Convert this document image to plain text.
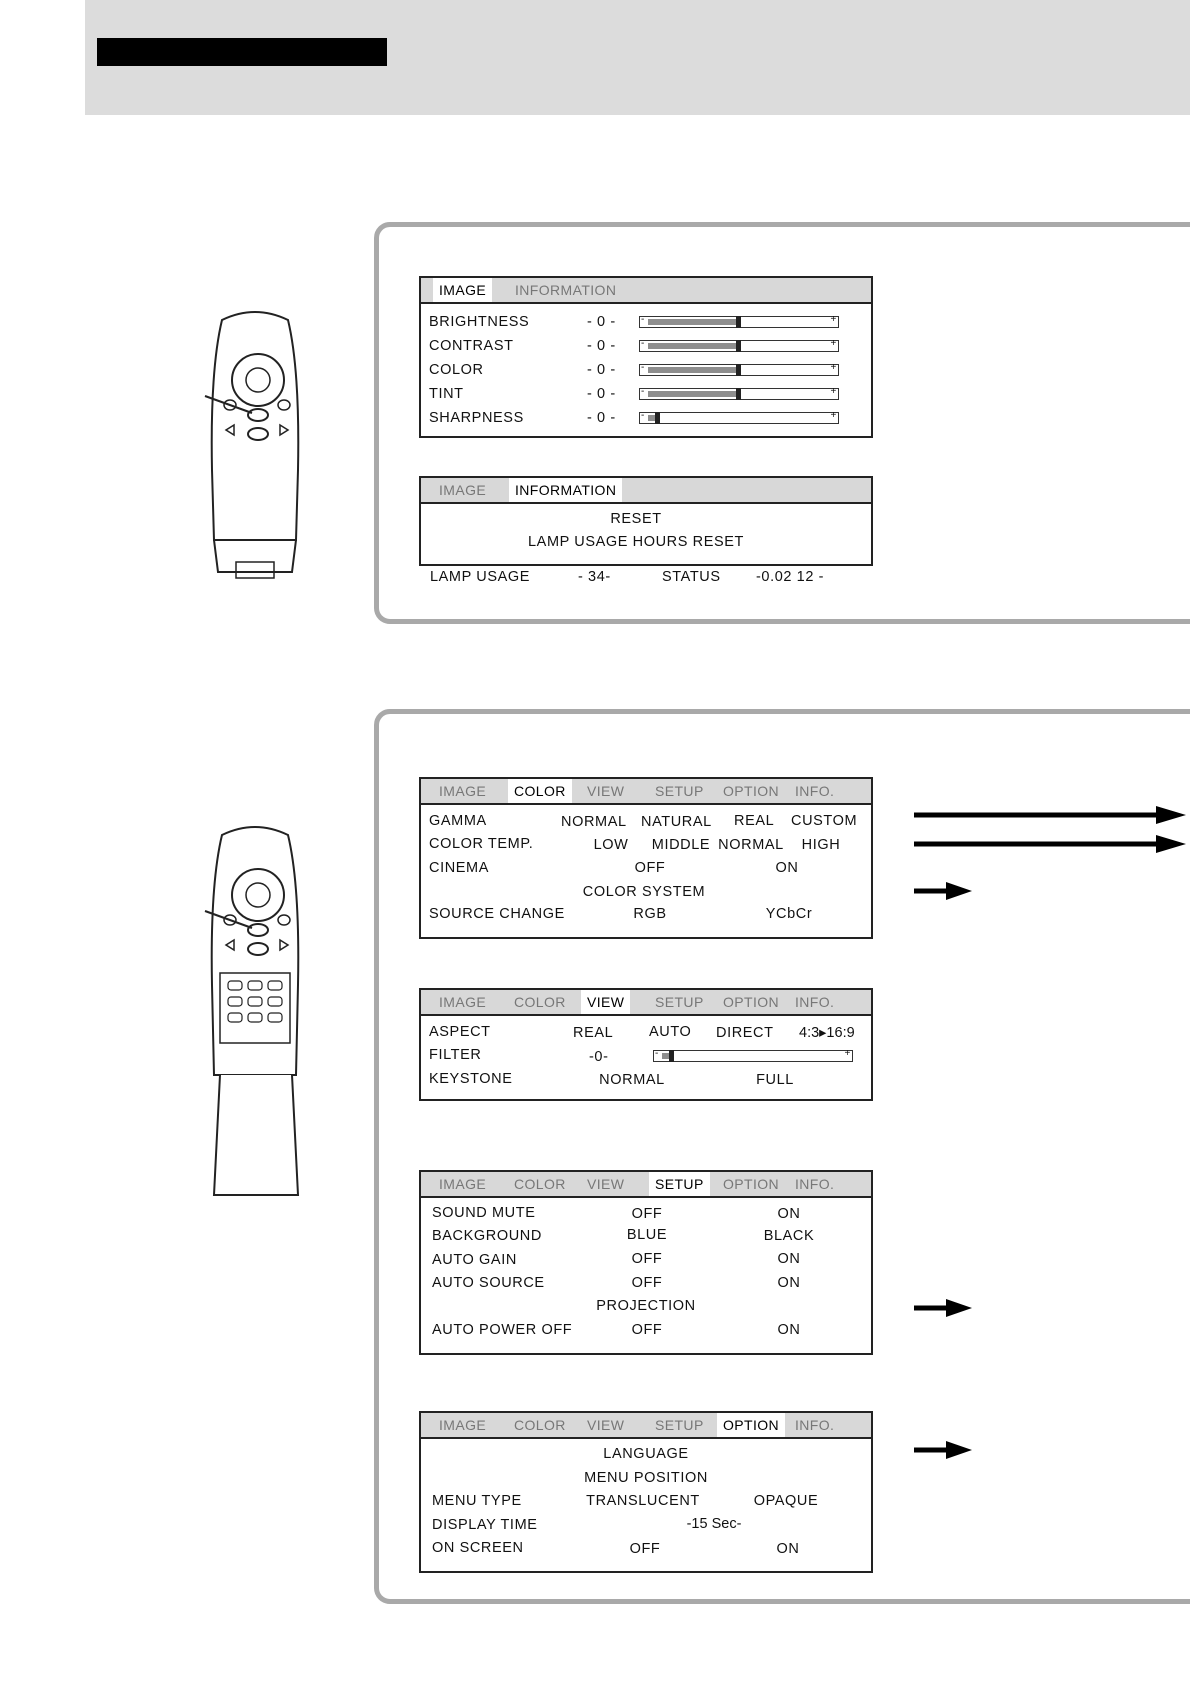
IMAGE	INFORMATION
BRIGHTNESS	- 0 -	-	+
CONTRAST	- 0 -	-	+
COLOR	- 0 -	-	+
TINT	- 0 -	-	+
SHARPNESS	- 0 -	-	+
IMAGE	INFORMATION
RESET
LAMP USAGE HOURS RESET
LAMP USAGE	- 34-	STATUS -0.02 12 -
IMAGE	COLOR	VIEW	SETUP	OPTION	INFO.
GAMMA	NORMAL NATURAL REAL CUSTOM
COLOR TEMP.	LOW MIDDLE NORMAL HIGH
CINEMA	OFF	ON
COLOR SYSTEM
SOURCE CHANGE	RGB	YCbCr
IMAGE	COLOR	VIEW	SETUP	OPTION	INFO.
ASPECT	REAL AUTO DIRECT 4:3▸16:9
FILTER	-0-	-	+
KEYSTONE	NORMAL	FULL
IMAGE	COLOR	VIEW	SETUP	OPTION	INFO.
SOUND MUTE	OFF	ON
BACKGROUND	BLUE	BLACK
AUTO GAIN	OFF	ON
AUTO SOURCE	OFF	ON
PROJECTION
AUTO POWER OFF	OFF	ON
IMAGE	COLOR	VIEW	SETUP	OPTION	INFO.
LANGUAGE
MENU POSITION
MENU TYPE	TRANSLUCENT	OPAQUE
DISPLAY TIME	-15 Sec-
ON SCREEN	OFF	ON
